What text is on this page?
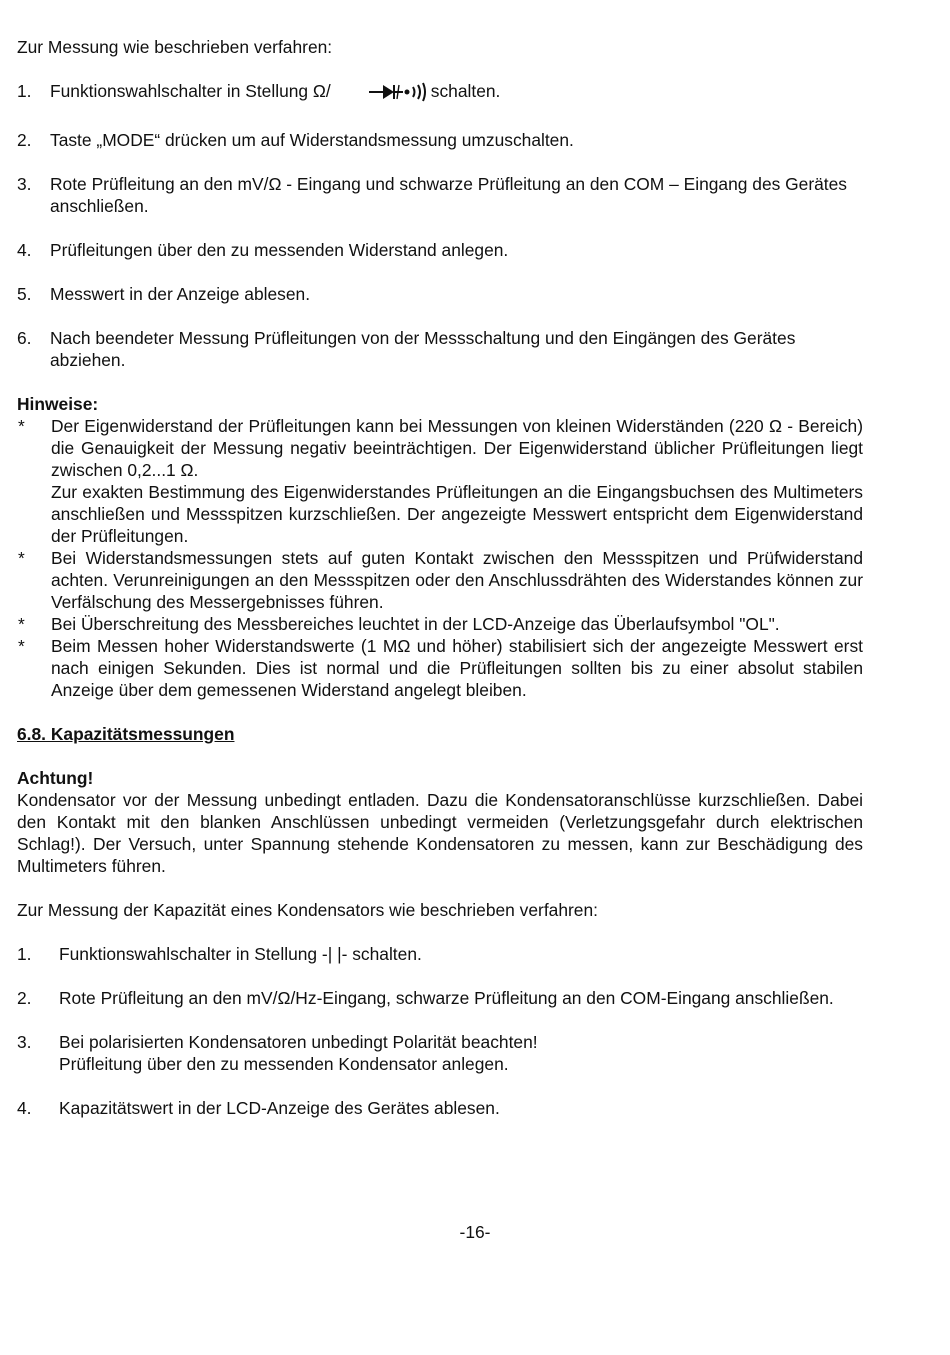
Zur Messung wie beschrieben verfahren:

1.	Funktionswahlschalter in Stellung Ω/	schalten.
2.	Taste „MODE“ drücken um auf Widerstandsmessung umzuschalten.
3.	Rote Prüfleitung an den mV/Ω - Eingang und schwarze Prüfleitung an den COM – Eingang des Gerätes anschließen.
4.	Prüfleitungen über den zu messenden Widerstand anlegen.
5.	Messwert in der Anzeige ablesen.
6.	Nach beendeter Messung Prüfleitungen von der Messschaltung und den Eingängen des Gerätes abziehen.

Hinweise:

*	Der Eigenwiderstand der Prüfleitungen kann bei Messungen von kleinen Widerständen (220 Ω - Bereich) die Genauigkeit der Messung negativ beeinträchtigen. Der Eigenwiderstand üblicher Prüfleitungen liegt zwischen 0,2...1 Ω.
Zur exakten Bestimmung des Eigenwiderstandes Prüfleitungen an die Eingangsbuchsen des Multimeters anschließen und Messspitzen kurzschließen. Der angezeigte Messwert entspricht dem Eigenwiderstand der Prüfleitungen.
*	Bei Widerstandsmessungen stets auf guten Kontakt zwischen den Messspitzen und Prüfwiderstand achten. Verunreinigungen an den Messspitzen oder den Anschlussdrähten des Widerstandes können zur Verfälschung des Messergebnisses führen.
*	Bei Überschreitung des Messbereiches leuchtet in der LCD-Anzeige das Überlaufsymbol "OL".
*	Beim Messen hoher Widerstandswerte (1 MΩ und höher) stabilisiert sich der angezeigte Messwert erst nach einigen Sekunden. Dies ist normal und die Prüfleitungen sollten bis zu einer absolut stabilen Anzeige über dem gemessenen Widerstand angelegt bleiben.

6.8. Kapazitätsmessungen

Achtung!

Kondensator vor der Messung unbedingt entladen. Dazu die Kondensatoranschlüsse kurzschließen. Dabei den Kontakt mit den blanken Anschlüssen unbedingt vermeiden (Verletzungsgefahr durch elektrischen Schlag!). Der Versuch, unter Spannung stehende Kondensatoren zu messen, kann zur Beschädigung des Multimeters führen.

Zur Messung der Kapazität eines Kondensators wie beschrieben verfahren:

1.	Funktionswahlschalter in Stellung -| |- schalten.
2.	Rote Prüfleitung an den mV/Ω/Hz-Eingang, schwarze Prüfleitung an den COM-Eingang anschließen.
3.	Bei polarisierten Kondensatoren unbedingt Polarität beachten!
Prüfleitung über den zu messenden Kondensator anlegen.
4.	Kapazitätswert in der LCD-Anzeige des Gerätes ablesen.
-16-
